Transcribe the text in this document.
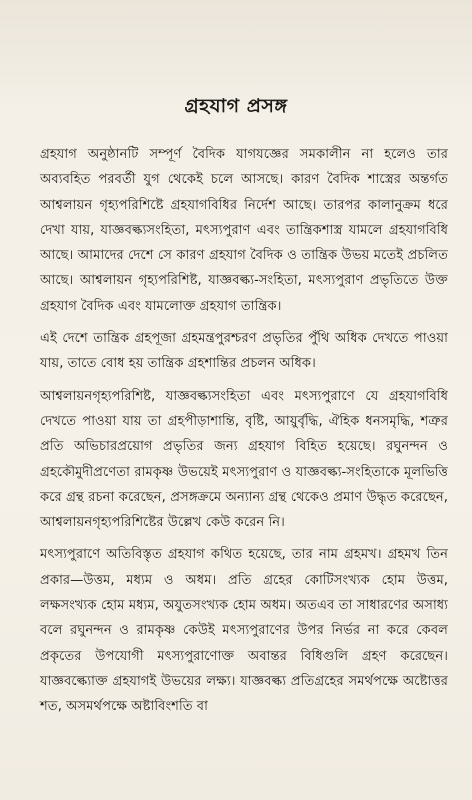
গ্রহযাগ প্রসঙ্গ

গ্রহযাগ অনুষ্ঠানটি সম্পূর্ণ বৈদিক যাগযজ্ঞের সমকালীন না হলেও তার অব্যবহিত পরবর্তী যুগ থেকেই চলে আসছে। কারণ বৈদিক শাস্ত্রের অন্তর্গত আশ্বলায়ন গৃহ্যপরিশিষ্টে গ্রহযাগবিধির নির্দেশ আছে। তারপর কালানুক্রম ধরে দেখা যায়, যাজ্ঞবল্ক্যসংহিতা, মৎস্যপুরাণ এবং তান্ত্রিকশাস্ত্র যামলে গ্রহযাগবিধি আছে। আমাদের দেশে সে কারণ গ্রহযাগ বৈদিক ও তান্ত্রিক উভয় মতেই প্রচলিত আছে। আশ্বলায়ন গৃহ্যপরিশিষ্ট, যাজ্ঞবল্ক্য-সংহিতা, মৎস্যপুরাণ প্রভৃতিতে উক্ত গ্রহযাগ বৈদিক এবং যামলোক্ত গ্রহযাগ তান্ত্রিক।

এই দেশে তান্ত্রিক গ্রহপূজা গ্রহমন্ত্রপুরশ্চরণ প্রভৃতির পুঁথি অধিক দেখতে পাওয়া যায়, তাতে বোধ হয় তান্ত্রিক গ্রহশান্তির প্রচলন অধিক।

আশ্বলায়নগৃহ্যপরিশিষ্ট, যাজ্ঞবল্ক্যসংহিতা এবং মৎস্যপুরাণে যে গ্রহযাগবিধি দেখতে পাওয়া যায় তা গ্রহপীড়াশান্তি, বৃষ্টি, আয়ুর্বৃদ্ধি, ঐহিক ধনসমৃদ্ধি, শত্রুর প্রতি অভিচারপ্রয়োগ প্রভৃতির জন্য গ্রহযাগ বিহিত হয়েছে। রঘুনন্দন ও গ্রহকৌমুদীপ্রণেতা রামকৃষ্ণ উভয়েই মৎস্যপুরাণ ও যাজ্ঞবল্ক্য-সংহিতাকে মূলভিত্তি করে গ্রন্থ রচনা করেছেন, প্রসঙ্গক্রমে অন্যান্য গ্রন্থ থেকেও প্রমাণ উদ্ধৃত করেছেন, আশ্বলায়নগৃহ্যপরিশিষ্টের উল্লেখ কেউ করেন নি।

মৎস্যপুরাণে অতিবিস্তৃত গ্রহযাগ কথিত হয়েছে, তার নাম গ্রহমখ। গ্রহমখ তিন প্রকার—উত্তম, মধ্যম ও অধম। প্রতি গ্রহের কোটিসংখ্যক হোম উত্তম, লক্ষসংখ্যক হোম মধ্যম, অযুতসংখ্যক হোম অধম। অতএব তা সাধারণের অসাধ্য বলে রঘুনন্দন ও রামকৃষ্ণ কেউই মৎস্যপুরাণের উপর নির্ভর না করে কেবল প্রকৃতের উপযোগী মৎস্যপুরাণোক্ত অবান্তর বিধিগুলি গ্রহণ করেছেন। যাজ্ঞবল্ক্যোক্ত গ্রহযাগই উভয়ের লক্ষ্য। যাজ্ঞবল্ক্য প্রতিগ্রহের সমর্থপক্ষে অষ্টোত্তর শত, অসমর্থপক্ষে অষ্টাবিংশতি বা
